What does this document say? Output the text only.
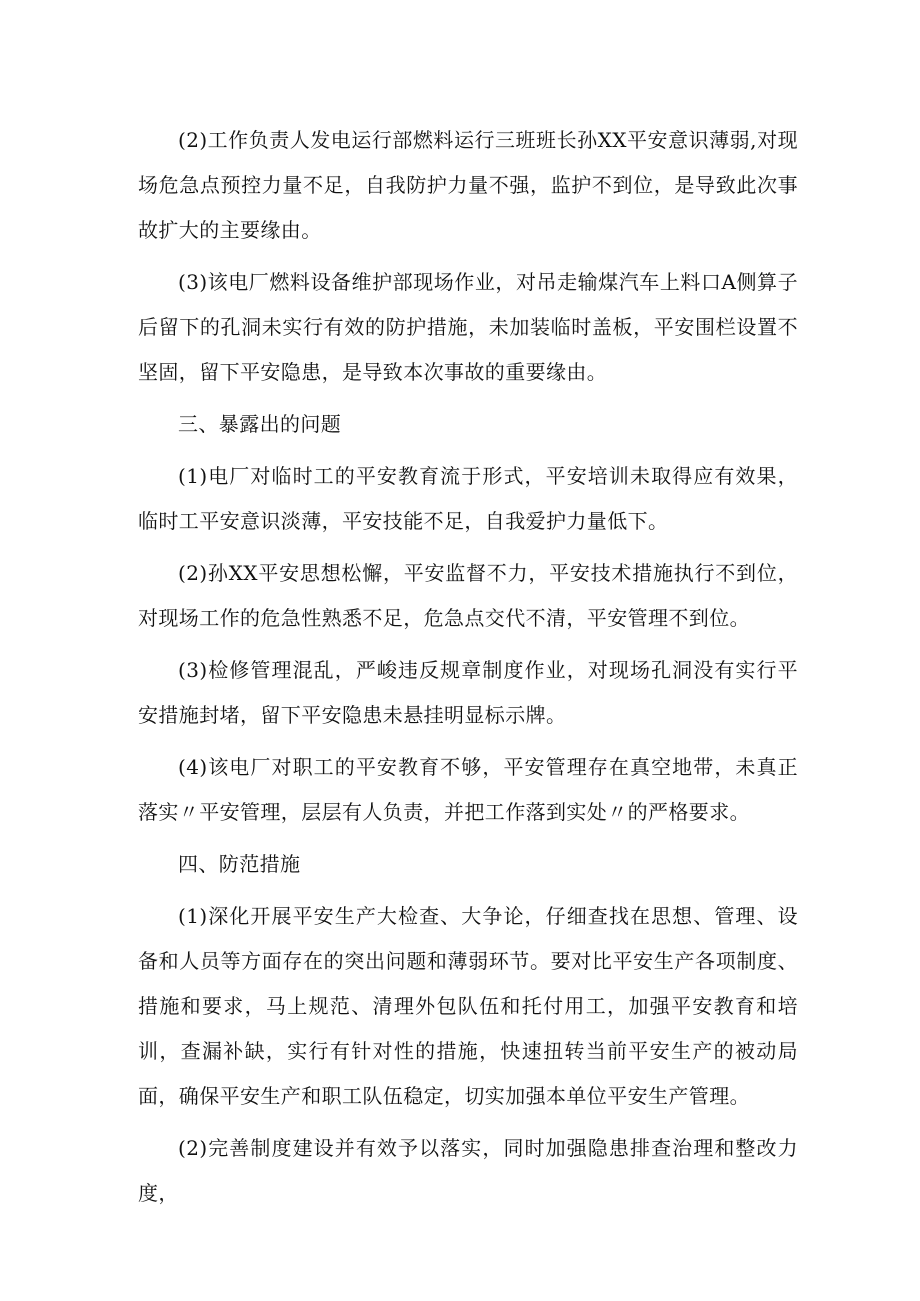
(2)工作负责人发电运行部燃料运行三班班长孙XX平安意识薄弱,对现场危急点预控力量不足，自我防护力量不强，监护不到位，是导致此次事故扩大的主要缘由。

(3)该电厂燃料设备维护部现场作业，对吊走输煤汽车上料口A侧算子后留下的孔洞未实行有效的防护措施，未加装临时盖板，平安围栏设置不坚固，留下平安隐患，是导致本次事故的重要缘由。

三、暴露出的问题

(1)电厂对临时工的平安教育流于形式，平安培训未取得应有效果，临时工平安意识淡薄，平安技能不足，自我爱护力量低下。

(2)孙XX平安思想松懈，平安监督不力，平安技术措施执行不到位，对现场工作的危急性熟悉不足，危急点交代不清，平安管理不到位。

(3)检修管理混乱，严峻违反规章制度作业，对现场孔洞没有实行平安措施封堵，留下平安隐患未悬挂明显标示牌。

(4)该电厂对职工的平安教育不够，平安管理存在真空地带，未真正落实〃平安管理，层层有人负责，并把工作落到实处〃的严格要求。

四、防范措施

(1)深化开展平安生产大检查、大争论，仔细查找在思想、管理、设备和人员等方面存在的突出问题和薄弱环节。要对比平安生产各项制度、措施和要求，马上规范、清理外包队伍和托付用工，加强平安教育和培训，查漏补缺，实行有针对性的措施，快速扭转当前平安生产的被动局面，确保平安生产和职工队伍稳定，切实加强本单位平安生产管理。

(2)完善制度建设并有效予以落实，同时加强隐患排查治理和整改力度，
